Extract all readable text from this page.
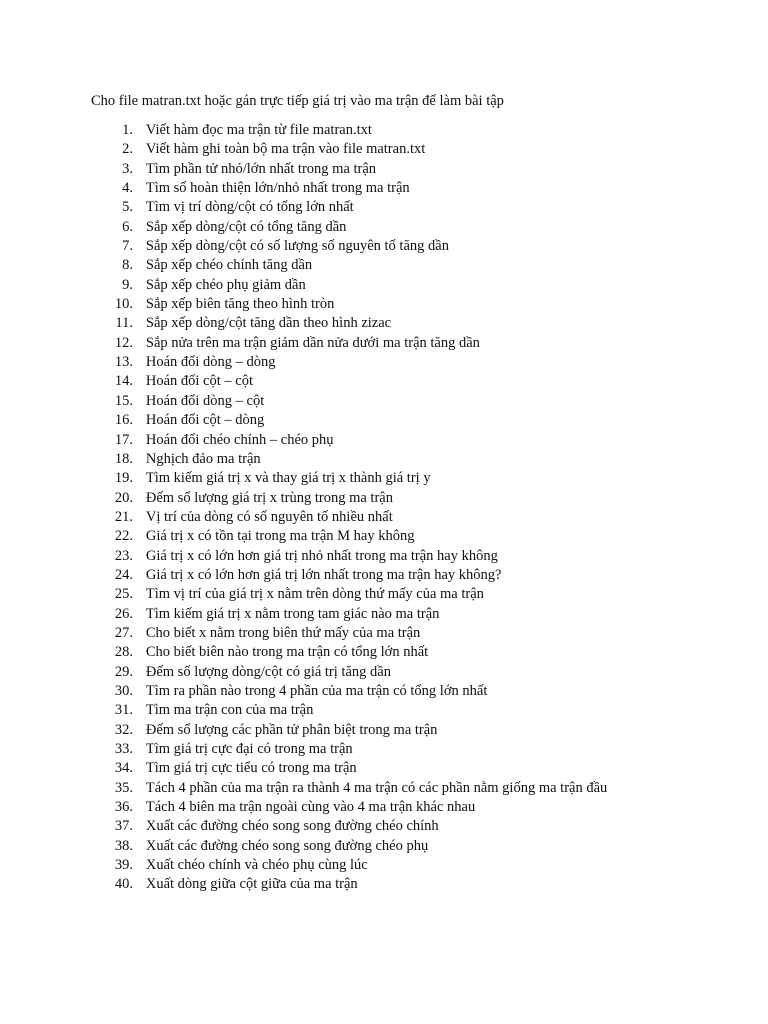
Cho file matran.txt hoặc gán trực tiếp giá trị vào ma trận để làm bài tập
1.
Viết hàm đọc ma trận từ file matran.txt
2.
Viết hàm ghi toàn bộ ma trận vào file matran.txt
3.
Tìm phần tử nhỏ/lớn nhất trong ma trận
4.
Tìm số hoàn thiện lớn/nhỏ nhất trong ma trận
5.
Tìm vị trí dòng/cột có tổng lớn nhất
6.
Sắp xếp dòng/cột có tổng tăng dần
7.
Sắp xếp dòng/cột có số lượng số nguyên tố tăng dần
8.
Sắp xếp chéo chính tăng dần
9.
Sắp xếp chéo phụ giảm dần
10.
Sắp xếp biên tăng theo hình tròn
11.
Sắp xếp dòng/cột tăng dần theo hình zizac
12.
Sắp nửa trên ma trận giảm dần nửa dưới ma trận tăng dần
13.
Hoán đổi dòng – dòng
14.
Hoán đổi cột – cột
15.
Hoán đổi dòng – cột
16.
Hoán đổi cột – dòng
17.
Hoán đổi chéo chính – chéo phụ
18.
Nghịch đảo ma trận
19.
Tìm kiếm giá trị x và thay giá trị x thành giá trị y
20.
Đếm số lượng giá trị x trùng trong ma trận
21.
Vị trí của dòng có số nguyên tố nhiều nhất
22.
Giá trị x có tồn tại trong ma trận M hay không
23.
Giá trị x có lớn hơn giá trị nhỏ nhất trong ma trận hay không
24.
Giá trị x có lớn hơn giá trị lớn nhất trong ma trận hay không?
25.
Tìm vị trí của giá trị x nằm trên dòng thứ mấy của ma trận
26.
Tìm kiếm giá trị x nằm trong tam giác nào ma trận
27.
Cho biết x nằm trong biên thứ mấy của ma trận
28.
Cho biết biên nào trong ma trận có tổng lớn nhất
29.
Đếm số lượng dòng/cột có giá trị tăng dần
30.
Tìm ra phần nào trong 4 phần của ma trận có tổng lớn nhất
31.
Tìm ma trận con của ma trận
32.
Đếm số lượng các phần tử phân biệt trong ma trận
33.
Tìm giá trị cực đại có trong ma trận
34.
Tìm giá trị cực tiểu có trong ma trận
35.
Tách 4 phần của ma trận ra thành 4 ma trận có các phần nằm giống ma trận đầu
36.
Tách 4 biên ma trận ngoài cùng vào 4 ma trận khác nhau
37.
Xuất các đường chéo song song đường chéo chính
38.
Xuất các đường chéo song song đường chéo phụ
39.
Xuất chéo chính và chéo phụ cùng lúc
40.
Xuất dòng giữa cột giữa của ma trận
